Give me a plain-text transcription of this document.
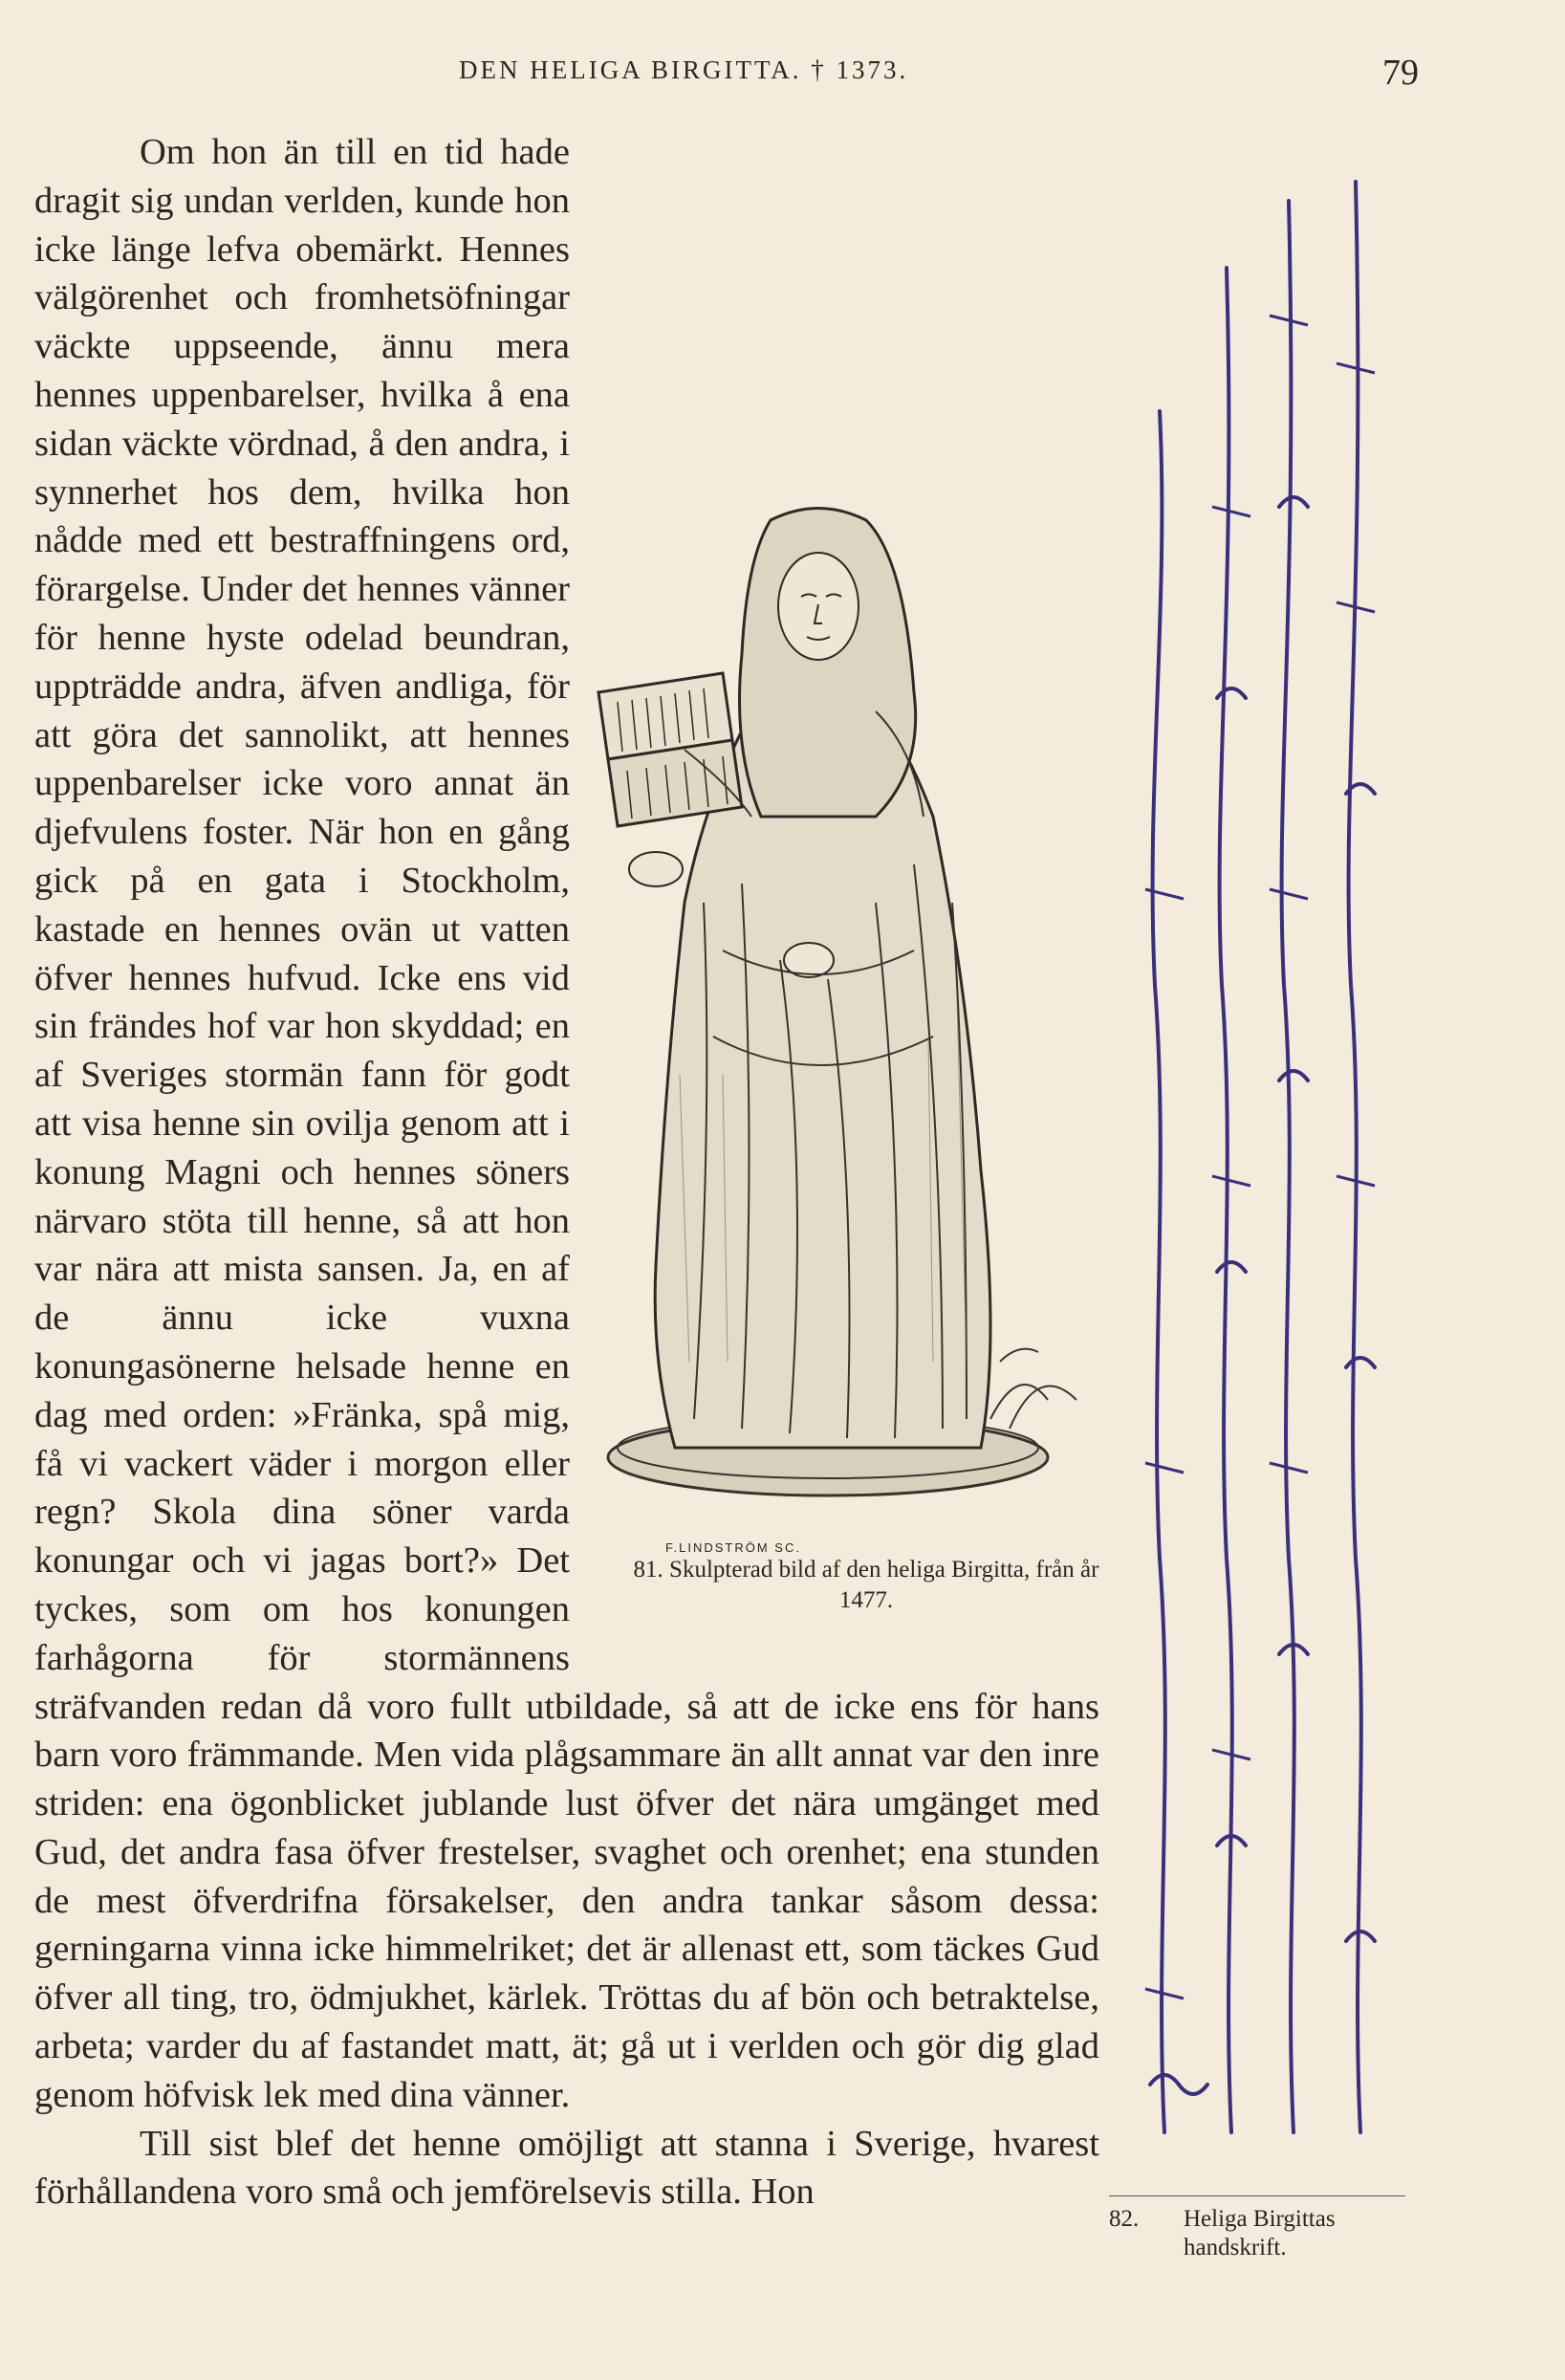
DEN HELIGA BIRGITTA. † 1373.	79
F.LINDSTRÖM SC.
81. Skulpterad bild af den heliga Birgitta, från år 1477.

Om hon än till en tid hade dragit sig undan verlden, kunde hon icke länge lefva obemärkt. Hennes välgörenhet och fromhetsöfningar väckte uppseende, ännu mera hennes uppenbarelser, hvilka å ena sidan väckte vördnad, å den andra, i synnerhet hos dem, hvilka hon nådde med ett bestraffningens ord, förargelse. Under det hennes vänner för henne hyste odelad beundran, uppträdde andra, äfven andliga, för att göra det sannolikt, att hennes uppenbarelser icke voro annat än djefvulens foster. När hon en gång gick på en gata i Stockholm, kastade en hennes ovän ut vatten öfver hennes hufvud. Icke ens vid sin frändes hof var hon skyddad; en af Sveriges stormän fann för godt att visa henne sin ovilja genom att i konung Magni och hennes söners närvaro stöta till henne, så att hon var nära att mista sansen. Ja, en af de ännu icke vuxna konungasönerne helsade henne en dag med orden: »Fränka, spå mig, få vi vackert väder i morgon eller regn? Skola dina söner varda konungar och vi jagas bort?» Det tyckes, som om hos konungen farhågorna för stormännens sträfvanden redan då voro fullt utbildade, så att de icke ens för hans barn voro främmande. Men vida plågsammare än allt annat var den inre striden: ena ögonblicket jublande lust öfver det nära umgänget med Gud, det andra fasa öfver frestelser, svaghet och orenhet; ena stunden de mest öfverdrifna försakelser, den andra tankar såsom dessa: gerningarna vinna icke himmelriket; det är allenast ett, som täckes Gud öfver all ting, tro, ödmjukhet, kärlek. Tröttas du af bön och betraktelse, arbeta; varder du af fastandet matt, ät; gå ut i verlden och gör dig glad genom höfvisk lek med dina vänner.

Till sist blef det henne omöjligt att stanna i Sverige, hvarest förhållandena voro små och jemförelsevis stilla. Hon

82. Heliga Birgittas handskrift.
